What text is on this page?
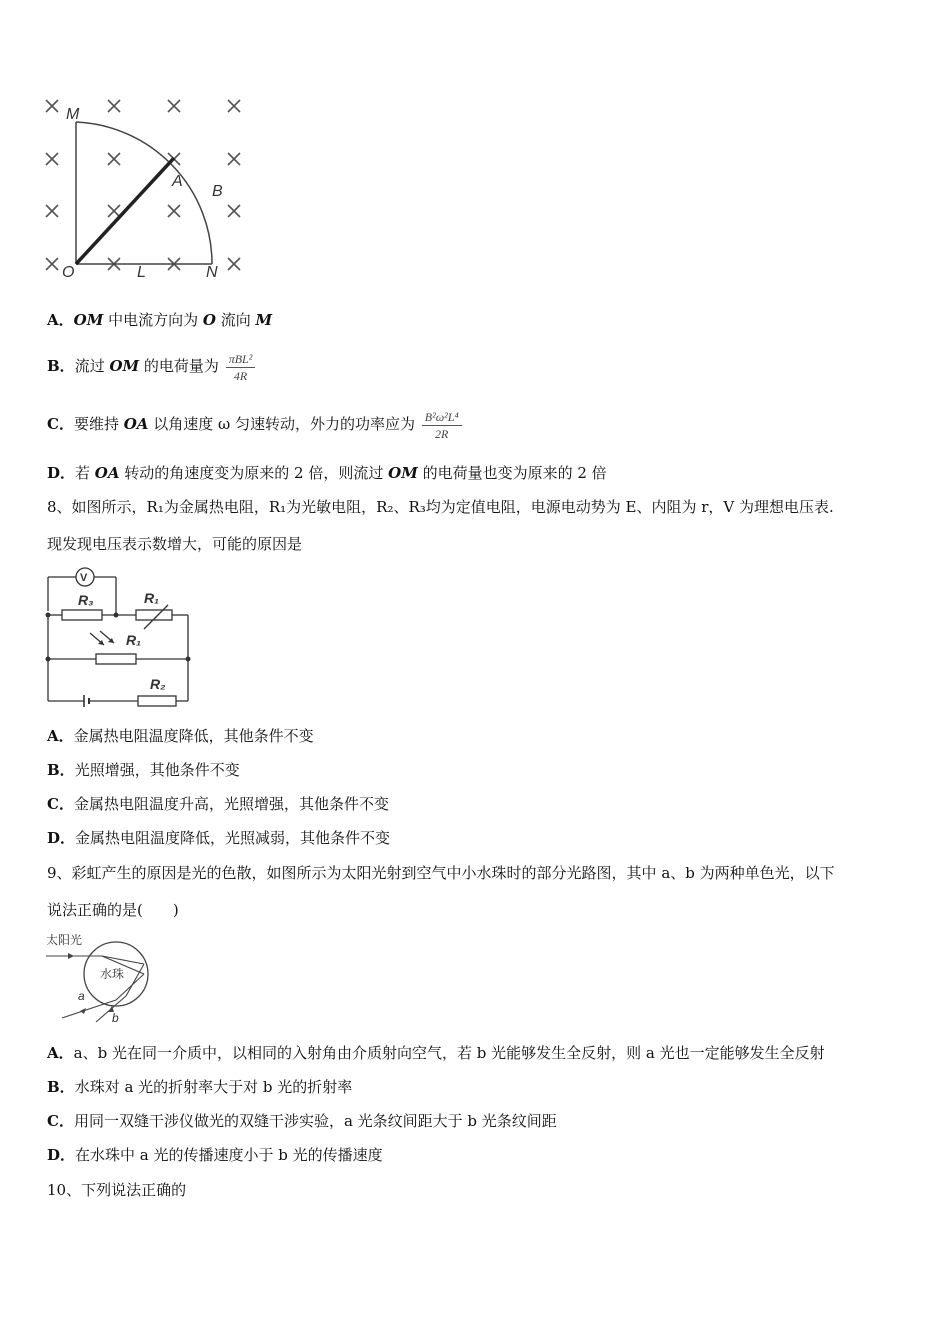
M
A
B
O	L	N
A．OM 中电流方向为 O 流向 M
B．流过 OM 的电荷量为 $\frac{\text{πBL²}}{4R}$
C．要维持 OA 以角速度 ω 匀速转动，外力的功率应为 $\frac{\text{B²ω²L⁴}}{2R}$
D．若 OA 转动的角速度变为原来的 2 倍，则流过 OM 的电荷量也变为原来的 2 倍
8、如图所示，R₁为金属热电阻，R₁为光敏电阻，R₂、R₃均为定值电阻，电源电动势为 E、内阻为 r，V 为理想电压表.
现发现电压表示数增大，可能的原因是
V
R₃	R₁
R₁
R₂
A．金属热电阻温度降低，其他条件不变
B．光照增强，其他条件不变
C．金属热电阻温度升高，光照增强，其他条件不变
D．金属热电阻温度降低，光照减弱，其他条件不变
9、彩虹产生的原因是光的色散，如图所示为太阳光射到空气中小水珠时的部分光路图，其中 a、b 为两种单色光，以下
说法正确的是(　　)
太阳光
水珠
a
b
A．a、b 光在同一介质中，以相同的入射角由介质射向空气，若 b 光能够发生全反射，则 a 光也一定能够发生全反射
B．水珠对 a 光的折射率大于对 b 光的折射率
C．用同一双缝干涉仪做光的双缝干涉实验，a 光条纹间距大于 b 光条纹间距
D．在水珠中 a 光的传播速度小于 b 光的传播速度
10、下列说法正确的
